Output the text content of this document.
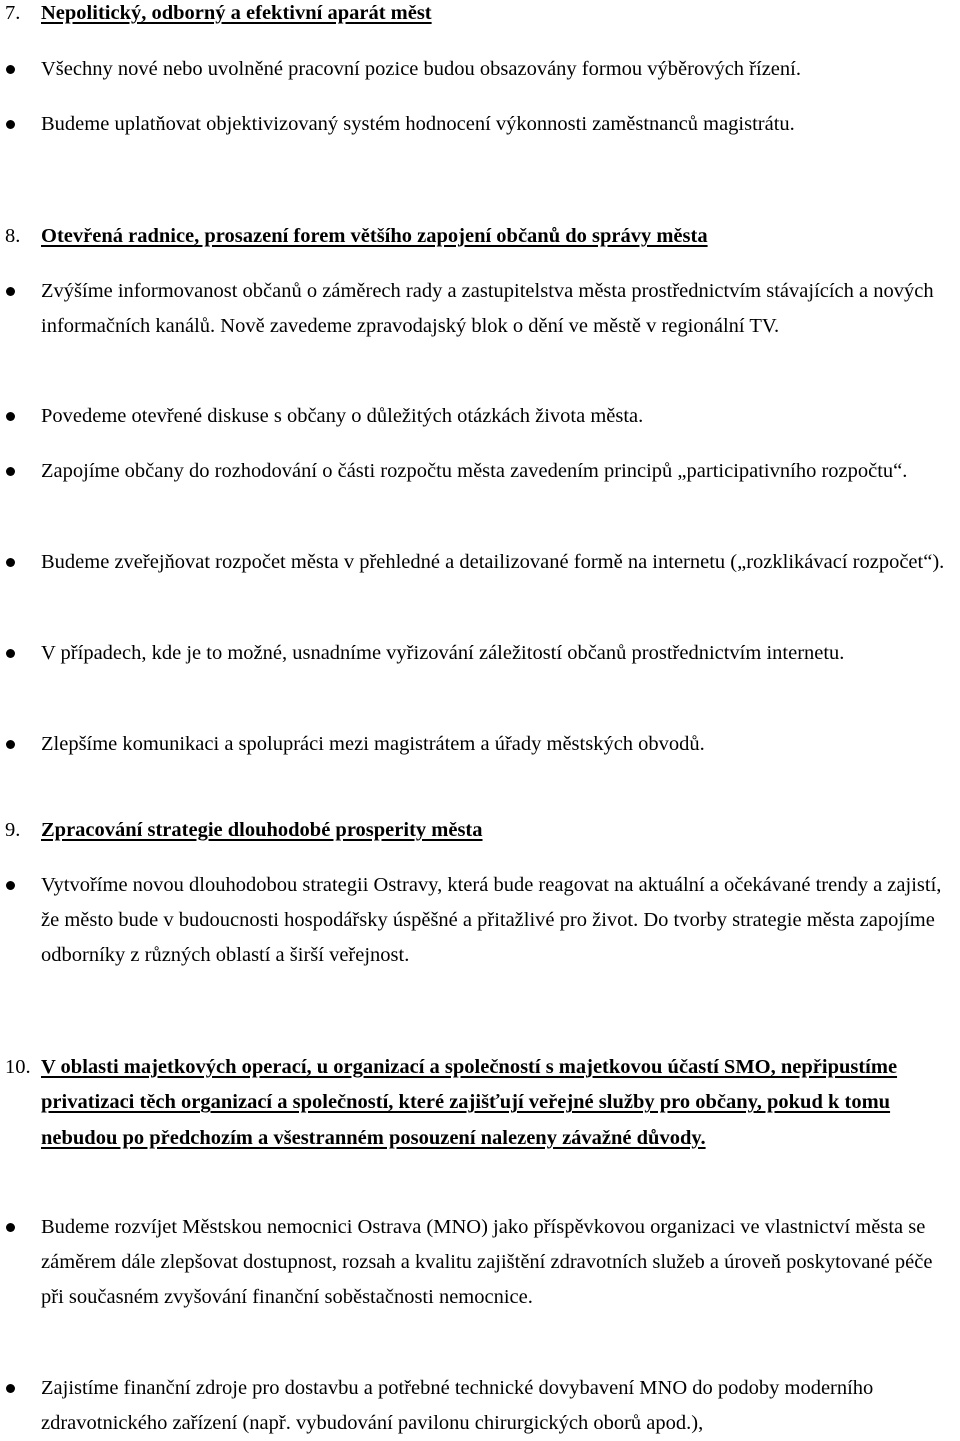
7. Nepolitický, odborný a efektivní aparát měst
Všechny nové nebo uvolněné pracovní pozice budou obsazovány formou výběrových řízení.
Budeme uplatňovat objektivizovaný systém hodnocení výkonnosti zaměstnanců magistrátu.
8. Otevřená radnice, prosazení forem většího zapojení občanů do správy města
Zvýšíme informovanost občanů o záměrech rady a zastupitelstva města prostřednictvím stávajících a nových informačních kanálů. Nově zavedeme zpravodajský blok o dění ve městě v regionální TV.
Povedeme otevřené diskuse s občany o důležitých otázkách života města.
Zapojíme občany do rozhodování o části rozpočtu města zavedením principů „participativního rozpočtu“.
Budeme zveřejňovat rozpočet města v přehledné a detailizované formě na internetu („rozklikávací rozpočet“).
V případech, kde je to možné, usnadníme vyřizování záležitostí občanů prostřednictvím internetu.
Zlepšíme komunikaci a spolupráci mezi magistrátem a úřady městských obvodů.
9. Zpracování strategie dlouhodobé prosperity města
Vytvoříme novou dlouhodobou strategii Ostravy, která bude reagovat na aktuální a očekávané trendy a zajistí, že město bude v budoucnosti hospodářsky úspěšné a přitažlivé pro život. Do tvorby strategie města zapojíme odborníky z různých oblastí a širší veřejnost.
10. V oblasti majetkových operací, u organizací a společností s majetkovou účastí SMO, nepřipustíme privatizaci těch organizací a společností, které zajišťují veřejné služby pro občany, pokud k tomu nebudou po předchozím a všestranném posouzení nalezeny závažné důvody.
Budeme rozvíjet Městskou nemocnici Ostrava (MNO) jako příspěvkovou organizaci ve vlastnictví města se záměrem dále zlepšovat dostupnost, rozsah a kvalitu zajištění zdravotních služeb a úroveň poskytované péče při současném zvyšování finanční soběstačnosti nemocnice.
Zajistíme finanční zdroje pro dostavbu a potřebné technické dovybavení MNO do podoby moderního zdravotnického zařízení (např. vybudování pavilonu chirurgických oborů apod.),
